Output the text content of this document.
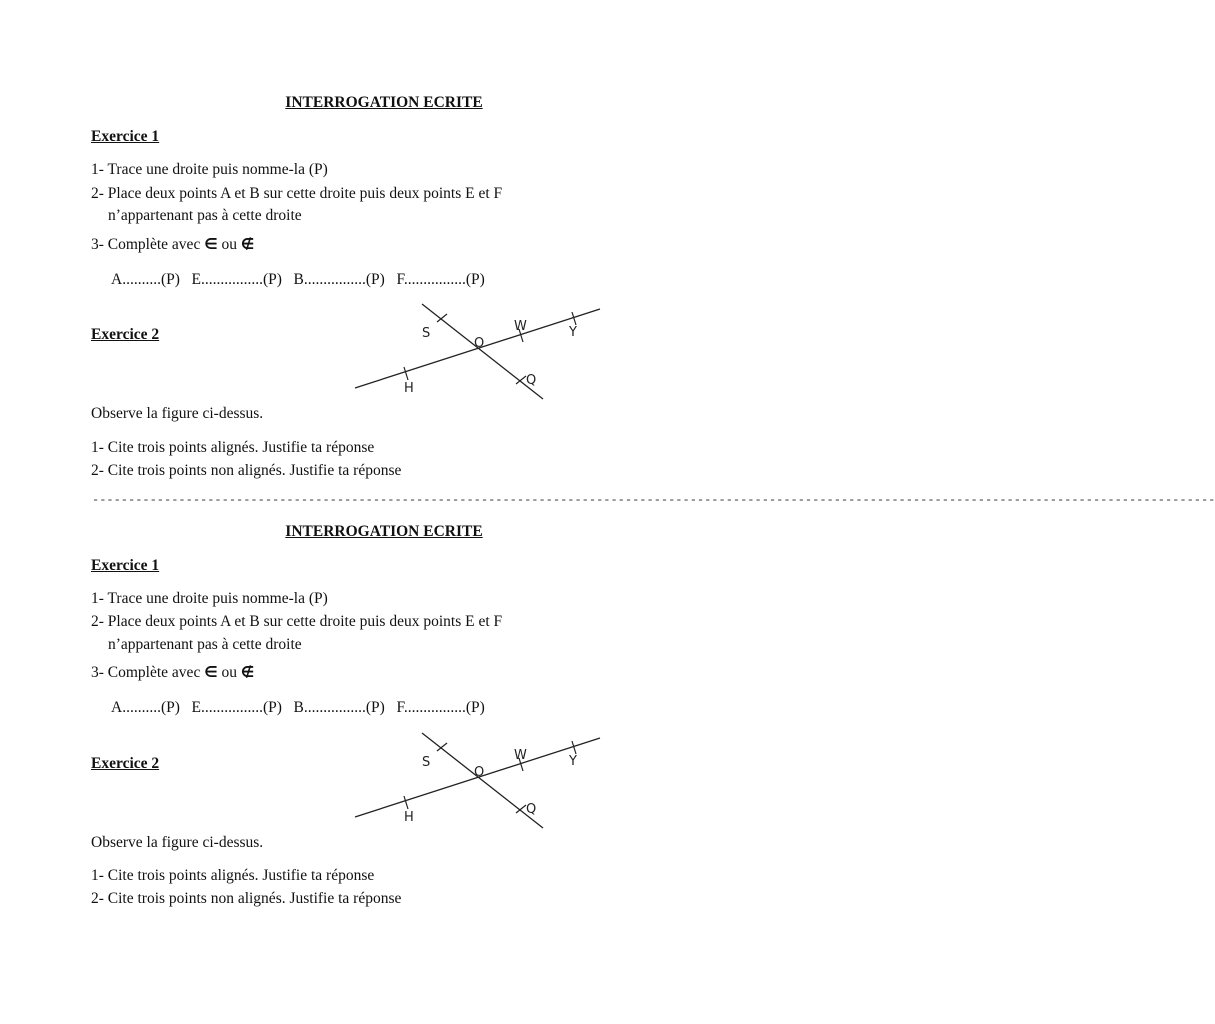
INTERROGATION ECRITE
Exercice 1
1- Trace une droite puis nomme-la (P)
2- Place deux points A et B sur cette droite puis deux points E et F
n’appartenant pas à cette droite
3- Complète avec ∈ ou ∉
A..........(P)   E................(P)   B................(P)   F................(P)
Exercice 2	S	W	Y
O
H
Q
Observe la figure ci-dessus.
1- Cite trois points alignés. Justifie ta réponse
2- Cite trois points non alignés. Justifie ta réponse
------------------------------------------------------------------------------------------------------------------------------------------------------------
INTERROGATION ECRITE
Exercice 1
1- Trace une droite puis nomme-la (P)
2- Place deux points A et B sur cette droite puis deux points E et F
n’appartenant pas à cette droite
3- Complète avec ∈ ou ∉
A..........(P)   E................(P)   B................(P)   F................(P)
Exercice 2	S	W	Y
O
H
Q
Observe la figure ci-dessus.
1- Cite trois points alignés. Justifie ta réponse
2- Cite trois points non alignés. Justifie ta réponse
